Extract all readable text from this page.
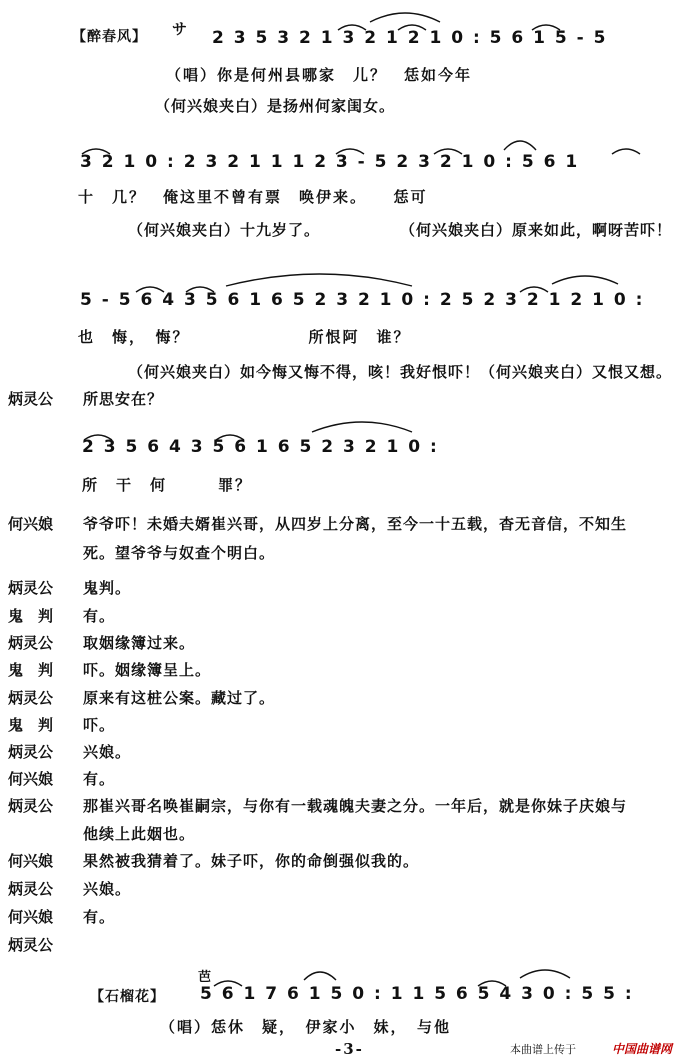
【醉春风】 サ 2 3 5 3 2 1 3 2 1 2 1 0 : 5 6 1 5 - 5
（唱）你是何州县哪家　儿？　恁如今年
（何兴娘夹白）是扬州何家闺女。
3 2 1 0 : 2 3 2 1 1 1 2 3 - 5 2 3 2 1 0 : 5 6 1
十　几？　俺这里不曾有票　唤伊来。　　恁可
（何兴娘夹白）十九岁了。	（何兴娘夹白）原来如此，啊呀苦吓！
5 - 5 6 4 3 5 6 1 6 5 2 3 2 1 0 : 2 5 2 3 2 1 2 1 0 :
也　悔，　悔？　　　　　　　所恨阿　谁？
（何兴娘夹白）如今悔又悔不得，咳！我好恨吓！（何兴娘夹白）又恨又想。
炳灵公	所思安在？
2 3 5 6 4 3 5 6 1 6 5 2 3 2 1 0 :
所　干　何　　　罪？
何兴娘	爷爷吓！未婚夫婿崔兴哥，从四岁上分离，至今一十五载，杳无音信，不知生
死。望爷爷与奴查个明白。
炳灵公	鬼判。
鬼　判	有。
炳灵公	取姻缘簿过来。
鬼　判	吓。姻缘簿呈上。
炳灵公	原来有这桩公案。藏过了。
鬼　判	吓。
炳灵公	兴娘。
何兴娘	有。
炳灵公	那崔兴哥名唤崔嗣宗，与你有一载魂魄夫妻之分。一年后，就是你妹子庆娘与
他续上此姻也。
何兴娘	果然被我猜着了。妹子吓，你的命倒强似我的。
炳灵公	兴娘。
何兴娘	有。
炳灵公
【石榴花】
芭
5 6 1 7 6 1 5 0 : 1 1 5 6 5 4 3 0 : 5 5 :
（唱）恁休　疑，　伊家小　妹，　与他
-3-	本曲谱上传于	中国曲谱网
